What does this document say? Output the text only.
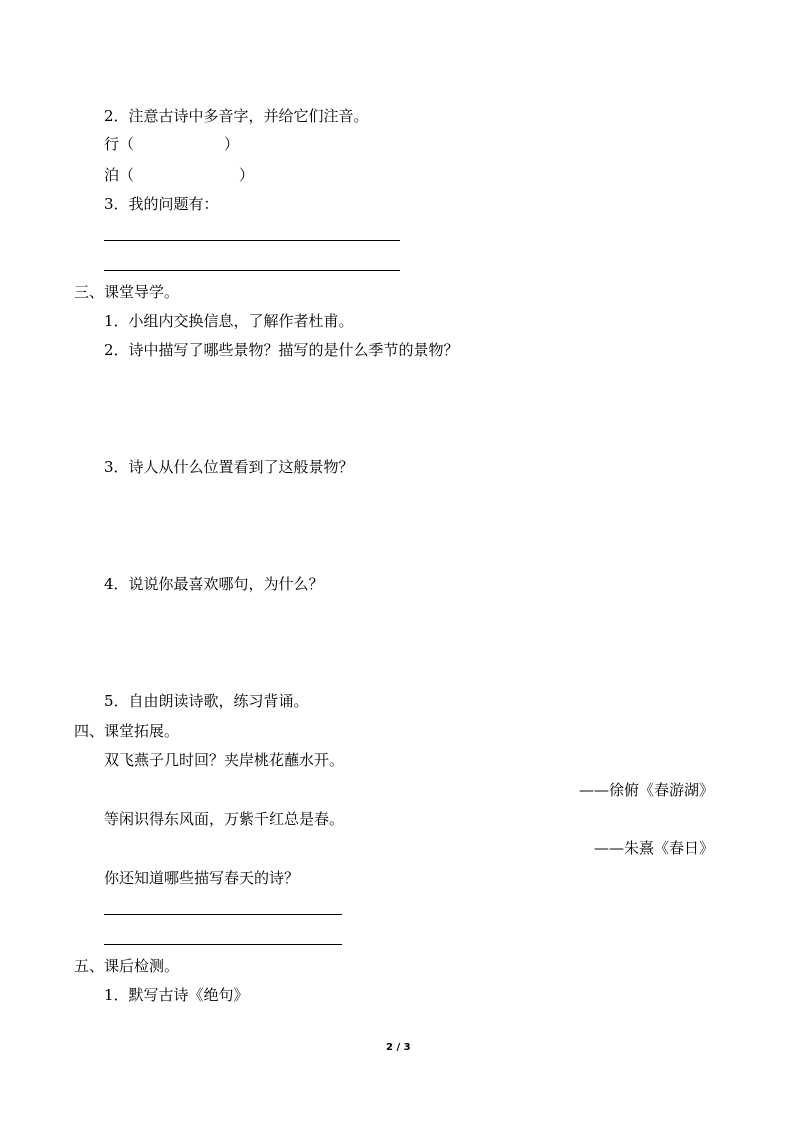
2．注意古诗中多音字，并给它们注音。
行（　　　　　　）
泊（　　　　　　　）
3．我的问题有：
三、课堂导学。
1．小组内交换信息，了解作者杜甫。
2．诗中描写了哪些景物？描写的是什么季节的景物？
3．诗人从什么位置看到了这般景物？
4．说说你最喜欢哪句，为什么？
5．自由朗读诗歌，练习背诵。
四、课堂拓展。
双飞燕子几时回？夹岸桃花蘸水开。
——徐俯《春游湖》
等闲识得东风面，万紫千红总是春。
——朱熹《春日》
你还知道哪些描写春天的诗？
五、课后检测。
1．默写古诗《绝句》
2 / 3
